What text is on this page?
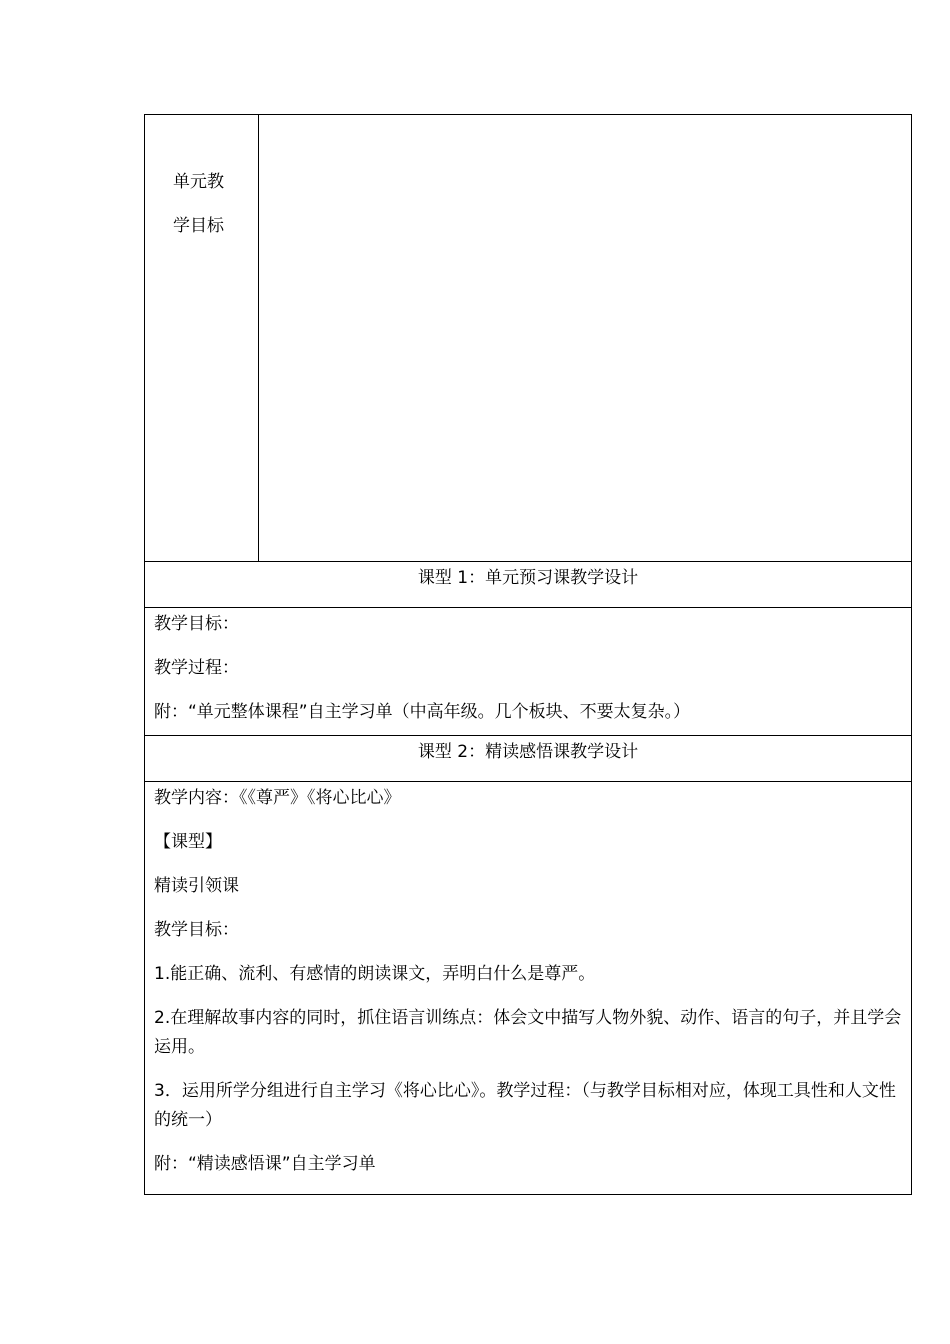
单元教
学目标

课型 1：单元预习课教学设计

教学目标：

教学过程：

附：“单元整体课程”自主学习单（中高年级。几个板块、不要太复杂。）

课型 2：精读感悟课教学设计

教学内容：《《尊严》《将心比心》

【课型】

精读引领课

教学目标：

1.能正确、流利、有感情的朗读课文，弄明白什么是尊严。

2.在理解故事内容的同时，抓住语言训练点：体会文中描写人物外貌、动作、语言的句子，并且学会运用。

3．运用所学分组进行自主学习《将心比心》。教学过程：（与教学目标相对应，体现工具性和人文性的统一）

附：“精读感悟课”自主学习单
